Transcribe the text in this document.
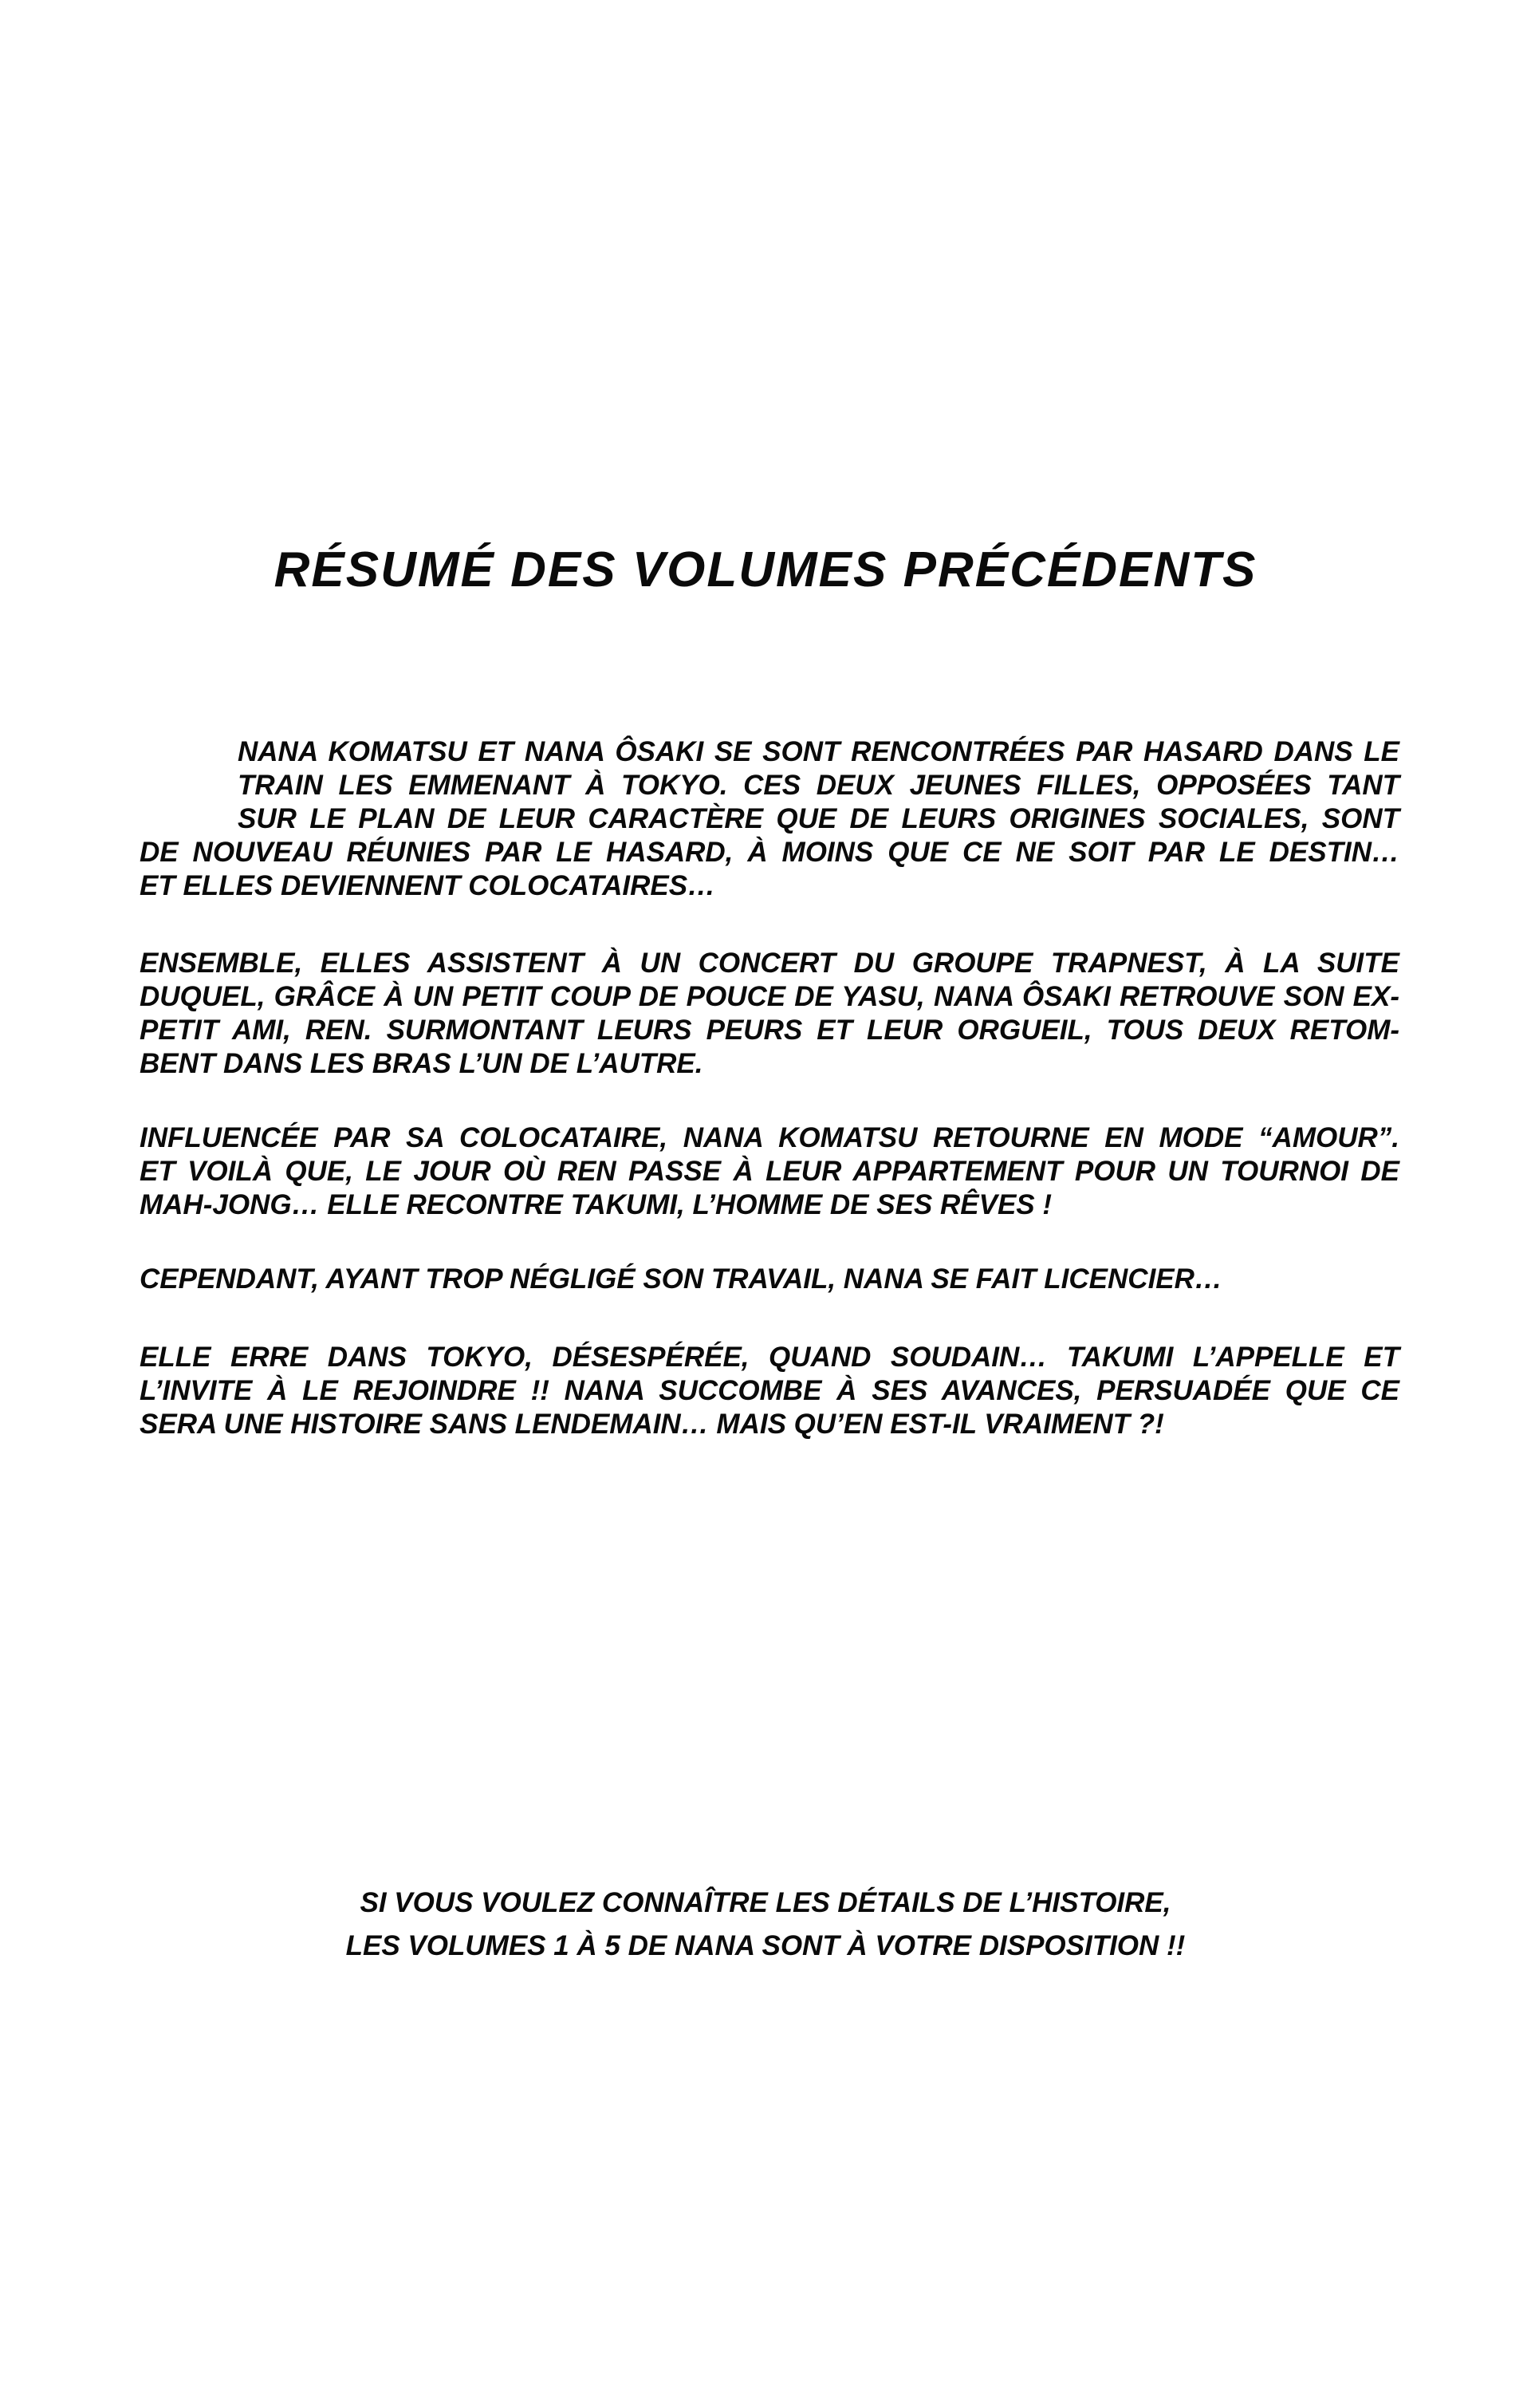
RÉSUMÉ DES VOLUMES PRÉCÉDENTS
NANA KOMATSU ET NANA ÔSAKI SE SONT RENCONTRÉES PAR HASARD DANS LE
TRAIN LES EMMENANT À TOKYO. CES DEUX JEUNES FILLES, OPPOSÉES TANT
SUR LE PLAN DE LEUR CARACTÈRE QUE DE LEURS ORIGINES SOCIALES, SONT
DE NOUVEAU RÉUNIES PAR LE HASARD, À MOINS QUE CE NE SOIT PAR LE DESTIN…
ET ELLES DEVIENNENT COLOCATAIRES…
ENSEMBLE, ELLES ASSISTENT À UN CONCERT DU GROUPE TRAPNEST, À LA SUITE
DUQUEL, GRÂCE À UN PETIT COUP DE POUCE DE YASU, NANA ÔSAKI RETROUVE SON EX-
PETIT AMI, REN. SURMONTANT LEURS PEURS ET LEUR ORGUEIL, TOUS DEUX RETOM-
BENT DANS LES BRAS L’UN DE L’AUTRE.
INFLUENCÉE PAR SA COLOCATAIRE, NANA KOMATSU RETOURNE EN MODE “AMOUR”.
ET VOILÀ QUE, LE JOUR OÙ REN PASSE À LEUR APPARTEMENT POUR UN TOURNOI DE
MAH-JONG… ELLE RECONTRE TAKUMI, L’HOMME DE SES RÊVES !
CEPENDANT, AYANT TROP NÉGLIGÉ SON TRAVAIL, NANA SE FAIT LICENCIER…
ELLE ERRE DANS TOKYO, DÉSESPÉRÉE, QUAND SOUDAIN… TAKUMI L’APPELLE ET
L’INVITE À LE REJOINDRE !! NANA SUCCOMBE À SES AVANCES, PERSUADÉE QUE CE
SERA UNE HISTOIRE SANS LENDEMAIN… MAIS QU’EN EST-IL VRAIMENT ?!
SI VOUS VOULEZ CONNAÎTRE LES DÉTAILS DE L’HISTOIRE,
LES VOLUMES 1 À 5 DE NANA SONT À VOTRE DISPOSITION !!
